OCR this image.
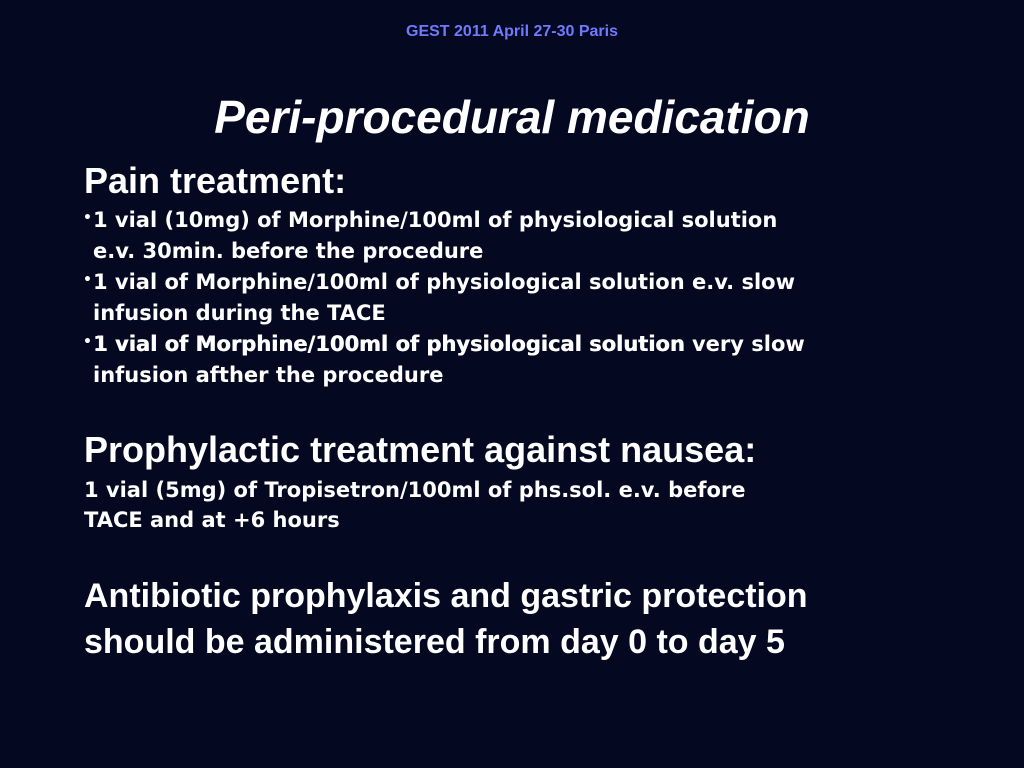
GEST 2011 April 27-30 Paris
Peri-procedural medication
Pain treatment:
• 1 vial (10mg) of Morphine/100ml of physiological solution
e.v. 30min. before the procedure
• 1 vial of Morphine/100ml of physiological solution e.v. slow
infusion during the TACE
• 1 vial of Morphine/100ml of physiological solution very slow
infusion afther the procedure
Prophylactic treatment against nausea:

1 vial (5mg) of Tropisetron/100ml of phs.sol. e.v. before
TACE and at +6 hours

Antibiotic prophylaxis and gastric protection
should be administered from day 0 to day 5
